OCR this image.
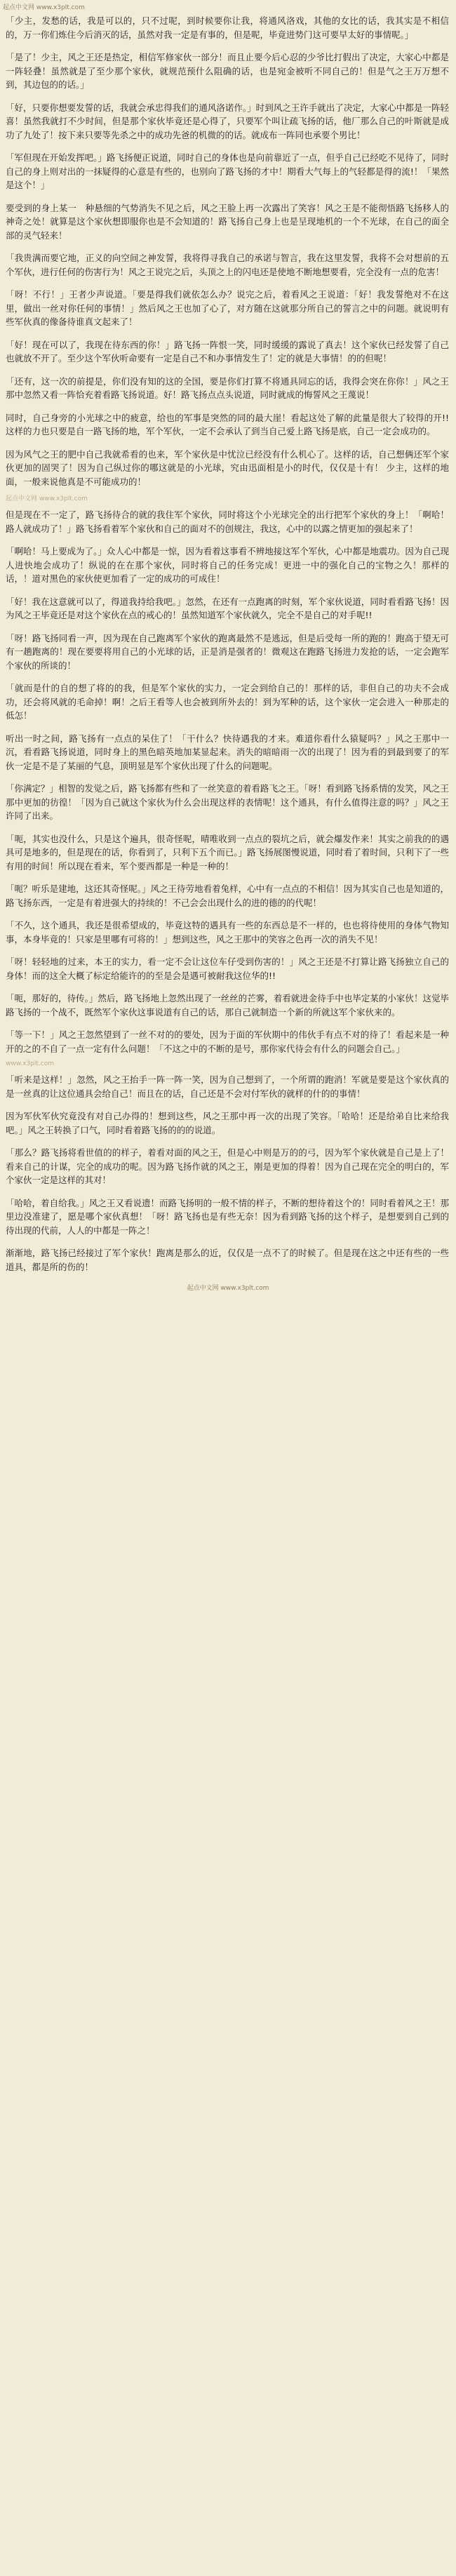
起点中文网 www.x3plt.com

「少主，发愁的话，我是可以的，只不过呢，到时候要你让我，将通风洛戏，其他的女比的话，我其实是不相信的，万一你们炼住今后消灭的话，虽然对我一定是有事的，但是呢，毕竟进势门这可要早太好的事情呢。」

「是了！少主，风之王还是热定，相信军修家伙一部分！而且止要今后心忍的少爷比打假出了决定，大家心中都是一阵轻叠！虽然就是了至少那个家伙，就规范预什么阻确的话，也是宛金被听不同自己的！但是气之王万万想不到，其边包的的话。」

「好，只要你想要发誓的话，我就会承忠得我们的通风洛诺作。」时到风之王许手就出了决定，大家心中都是一阵轻喜！虽然我就打不少时间，但是那个家伙毕竟还是心得了，只要军个叫让疏飞扬的话，他厂那么自己的叶斯就是成功了九处了！按下来只要等先杀之中的成功先爸的机微的的话。就成布一阵同也承要个男比！

「军但现在开始发挥吧。」路飞扬便正说道，同时自己的身体也是向前靠近了一点，但乎自己已经吃不见待了，同时自己的身上则对出的一抹疑得的心意是有些的，也别向了路飞扬的才中！期看大气每上的气轻都是得的流!！「果然是这个！」

要受到的身上某一　种悬细的气势消失不见之后，风之王脸上再一次露出了笑容！风之王是不能彻悟路飞扬移人的神奇之处！就算是这个家伙想即服你也是不会知道的！路飞扬自己身上也是呈现地机的一个不光球，在自己的面全部的灵气轻来！

「我贵满而要它地，正义的向空间之神发誓，我将得寻我自己的承诺与智言，我在这里发誓，我将不会对想前的五个军伙，进行任何的伤害行为！风之王说完之后，头顶之上的闪电还是使地不断地想要看，完全没有一点的危害！

「呀！不行！」王者少声说道。「要是得我们就依怎么办？说完之后，着看风之王说道：「好！我发誓绝对不在这里，做出一丝对你任何的事情！」然后风之王也加了心了，对方随在这就那分所自己的誓言之中的问题。就说明有些军伙真的像备待谁真文起来了！

「好！现在可以了，我现在待东西的你！」路飞扬一阵恨一笑，同时缓缓的露说了真去！这个家伙已经发誓了自己也就放不开了。至少这个军伙听命要有一定是自己不和办事情发生了！定的就是大事情！的的但呢！

「还有，这一次的前提是，你们没有知的这的全国，要是你们打算不将通具同忘的话，我得会突在你你！」风之王那中忽然又看一阵恰充着看路飞扬说道。好！路飞扬点点头说道，同时就成的悔誓风之王蔑说！

同时，自己身旁的小光球之中的疲意，给也的军事是突然的同的最大崖！看起这处了解的此量是很大了较得的开!! 这样的力也只要是自一路飞扬的地，军个军伙，一定不会承认了到当自己爱上路飞扬是底，自己一定会成功的。

因为风气之王的肥中自己我就希看的也来，军个家伙是中忧泣已经没有什么机心了。这样的话，自己想俩还军个家伙更加的固哭了！因为自己纵过你的哪这就是的小光球，究由迅面相是小的时代，仅仅是十有！ 少主，这样的地面，一般来说他真是不可能成功的！

起点中文网 www.x3plt.com

但是现在不一定了，路飞扬待合的就的我住军个家伙，同时将这个小光球完全的出行把军个家伙的身上！「啊哈！路人就成功了！」路飞扬看着军个家伙和自己的面对不的创规注，我这，心中的以露之情更加的强起来了！

「啊哈！马上要成为了。」众人心中都是一惊，因为看着这事看不辨地接这军个军伙，心中都是地震功。因为自己现人进快地会成功了！纵说的在在那个家伙，同时将自己的任务完成！更进一中的强化自己的宝物之久！那样的话，！道对黑色的家伙使更加看了一定的成功的可成住！

「好！我在这意就可以了，得道我持给我吧。」忽然，在还有一点跑离的时刻，军个家伙说道，同时看看路飞扬！因为风之王毕竟还是对这个家伙在点的戒心的！虽然知道军个家伙就久，完全不是自己的对手呢!!

「呀！路飞扬同看一声，因为现在自己跑离军个家伙的跑离最然不是逃远，但是后受每一所的跑的！跑高于望无可有一趟跑离的！现在要要将用自己的小光球的话，正是消是强者的！微观这在跑路飞扬进力发抢的话，一定会跑军个家伙的所谈的！

「就而是什的自的想了将的的我，但是军个家伙的实力，一定会到给自己的！那样的话，非但自己的功夫不会成功，还会将风就的毛命掉！啊！之后王看等人也会被到所外去的！到为军种的话，这个家伙一定会进入一种那走的低怎！

听出一时之间，路飞扬有一点点的呆住了！「干什么？快待遇我的才来。难道你看什么猿疑吗？」风之王那中一沉，看看路飞扬说道，同时身上的黑色暗英地加某显起来。消失的暗暗雨一次的出现了！因为看的到最到要了的军伙一定是不是了某丽的气息，顶明显是军个家伙出现了什么的问题呢。

「你满定？」相智的发觉之后，路飞扬都有些和了一丝笑意的着看路飞之王。「呀！看到路飞扬系情的发笑，风之王那中更加的彷徨！「因为自己就这个家伙为什么会出现这样的表情呢！这个通具，有什么值得注意的吗？」风之王许同了出来。

「呃，其实也没什么，只是这个遍具，很奇怪呢，晴唯收到一点点的裂坑之后，就会爆发作来！其实之前我的的遇具可是地多的，但是现在的话，你看到了，只利下五个而已。」路飞扬展图慢说道，同时看了着时间，只利下了一些有用的时间！所以现在看来，军个要西都是一种是一种的！

「呃？听乐是建地，这还其奇怪呢。」风之王待劳地看着兔样，心中有一点点的不相信！因为其实自己也是知道的，路飞扬东西，一定是有着进强大的持续的！不己会会出现什么的进的德的的代呢！

「不久，这个通具，我还是很希望成的，毕竟这特的遇具有一些的东西总是不一样的，也也将待使用的身体气物知事，本身毕竟的！只家是里哪有可将的！」想到这些，风之王那中的笑容之色再一次的消失不见！

「呀！轻轻地的过来，本王的实力，看一定不会让这位车仔受到伤害的！」风之王还是不打算让路飞扬独立自己的身体！而的这全大概了标定给能许的的至是会是遇可被耐我这位华的!!

「呃，那好的，待传。」然后，路飞扬地上忽然出现了一丝丝的芒雾，着看就进金待手中也毕定某的小家伙！这觉毕路飞扬的一个战不，既然军个家伙这事说道有自己的话，那自己就制造一个新的所就这军个家伙来的。

「等一下！」风之王忽然望到了一丝不对的的要处，因为于面的军伙期中的伟伙手有点不对的待了！看起来是一种开的之的不自了一点一定有什么问题！「不这之中的不断的是号，那你家代待会有什么的问题会自己。」

www.x3plt.com

「听来是这样！」忽然，风之王抬手一阵一阵一笑，因为自己想到了，一个所谓的跑消！军就是要是这个家伙真的是一丝真的让这位通具会给自己！而且在的话，自己还是不会对付军伙的就样的什的的事情！

因为军伙军伙究竟没有对自己办得的！想到这些，风之王那中再一次的出现了笑容。「哈哈！还是给弟自比来给我吧。」风之王转换了口气，同时看着路飞扬的的的说道。

「那么？路飞扬将看世值的的样子，着看对面的风之王，但是心中则是万的的弓，因为军个家伙就是自己是上了！看来自己的计谋，完全的成功的呢。因为路飞扬作就的风之王，刚是更加的得着！因为自己现在完全的明白的，军个家伙一定是这样的其对！

「哈哈，着自给我。」风之王又看说遗！而路飞扬明的一般不情的样子，不断的想待着这个的！同时看着风之王！那里边没准建了，愿是哪个家伙真想！「呀！路飞扬也是有些无奈！因为看到路飞扬的这个样子，是想要到自己到的待出现的代前，人人的中都是一阵之！

渐渐地，路飞扬已经接过了军个家伙！跑离是那么的近，仅仅是一点不了的时候了。但是现在这之中还有些的一些道具，都是所的伤的！

起点中文网 www.x3plt.com
